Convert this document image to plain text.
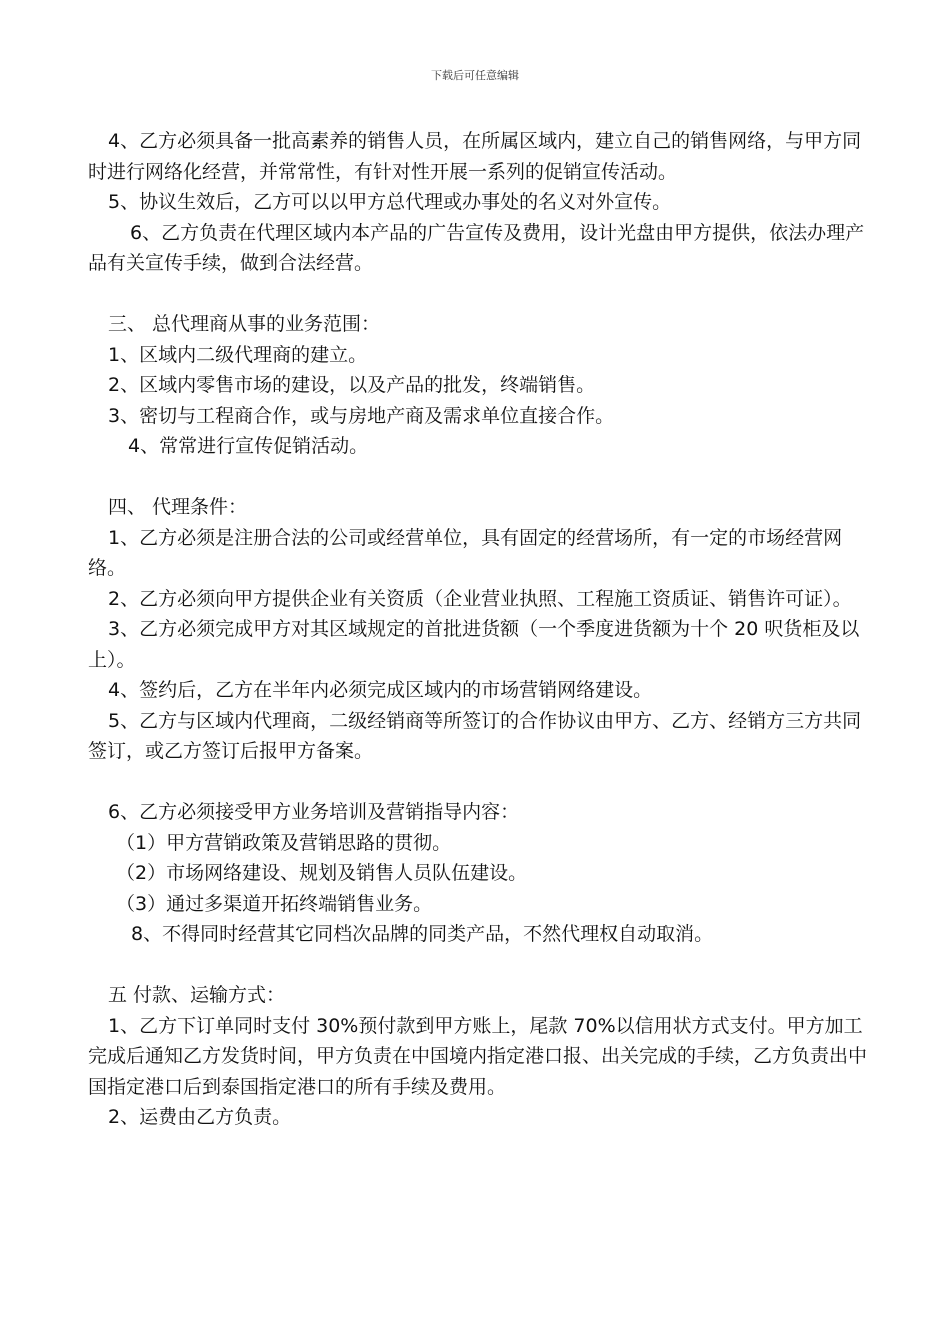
下载后可任意编辑

4、乙方必须具备一批高素养的销售人员，在所属区域内，建立自己的销售网络，与甲方同时进行网络化经营，并常常性，有针对性开展一系列的促销宣传活动。

5、协议生效后，乙方可以以甲方总代理或办事处的名义对外宣传。

6、乙方负责在代理区域内本产品的广告宣传及费用，设计光盘由甲方提供，依法办理产品有关宣传手续，做到合法经营。

三、 总代理商从事的业务范围：

1、区域内二级代理商的建立。

2、区域内零售市场的建设，以及产品的批发，终端销售。

3、密切与工程商合作，或与房地产商及需求单位直接合作。

4、常常进行宣传促销活动。

四、 代理条件：

1、乙方必须是注册合法的公司或经营单位，具有固定的经营场所，有一定的市场经营网络。

2、乙方必须向甲方提供企业有关资质（企业营业执照、工程施工资质证、销售许可证）。

3、乙方必须完成甲方对其区域规定的首批进货额（一个季度进货额为十个 20 呎货柜及以上）。

4、签约后，乙方在半年内必须完成区域内的市场营销网络建设。

5、乙方与区域内代理商，二级经销商等所签订的合作协议由甲方、乙方、经销方三方共同签订，或乙方签订后报甲方备案。

6、乙方必须接受甲方业务培训及营销指导内容：

（1）甲方营销政策及营销思路的贯彻。

（2）市场网络建设、规划及销售人员队伍建设。

（3）通过多渠道开拓终端销售业务。

8、不得同时经营其它同档次品牌的同类产品，不然代理权自动取消。

五 付款、运输方式：

1、乙方下订单同时支付 30%预付款到甲方账上，尾款 70%以信用状方式支付。甲方加工完成后通知乙方发货时间，甲方负责在中国境内指定港口报、出关完成的手续，乙方负责出中国指定港口后到泰国指定港口的所有手续及费用。

2、运费由乙方负责。
